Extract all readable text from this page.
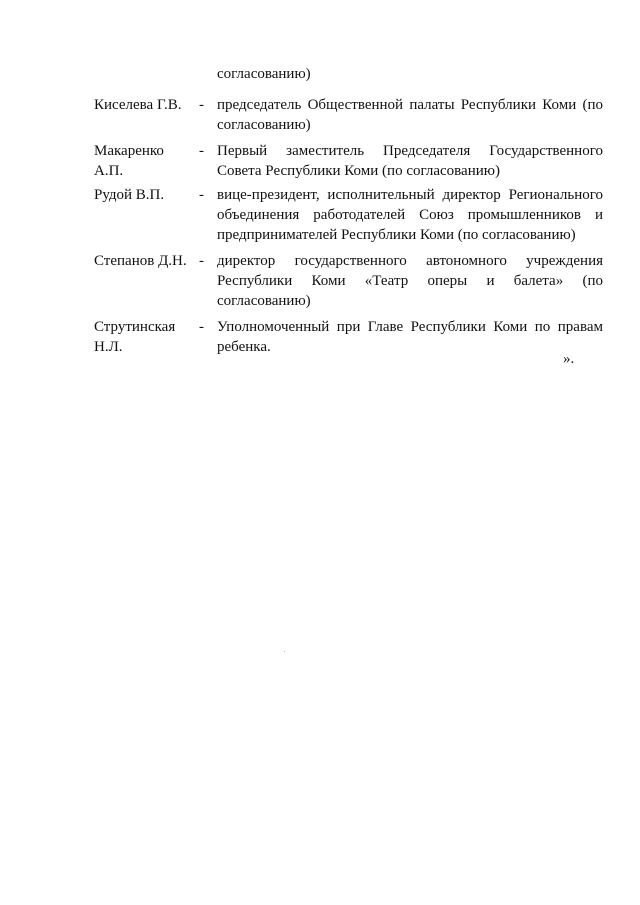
согласованию)
Киселева Г.В.	- председатель Общественной палаты Республики Коми (по согласованию)
Макаренко
А.П.
- Первый заместитель Председателя Государственного Совета Республики Коми (по согласованию)
Рудой В.П.	- вице-президент, исполнительный директор Регионального объединения работодателей Союз промышленников и предпринимателей Республики Коми (по согласованию)
Степанов Д.Н. - директор государственного автономного учреждения Республики Коми «Театр оперы и балета» (по согласованию)
Струтинская
Н.Л.
- Уполномоченный при Главе Республики Коми по правам ребенка.
».
